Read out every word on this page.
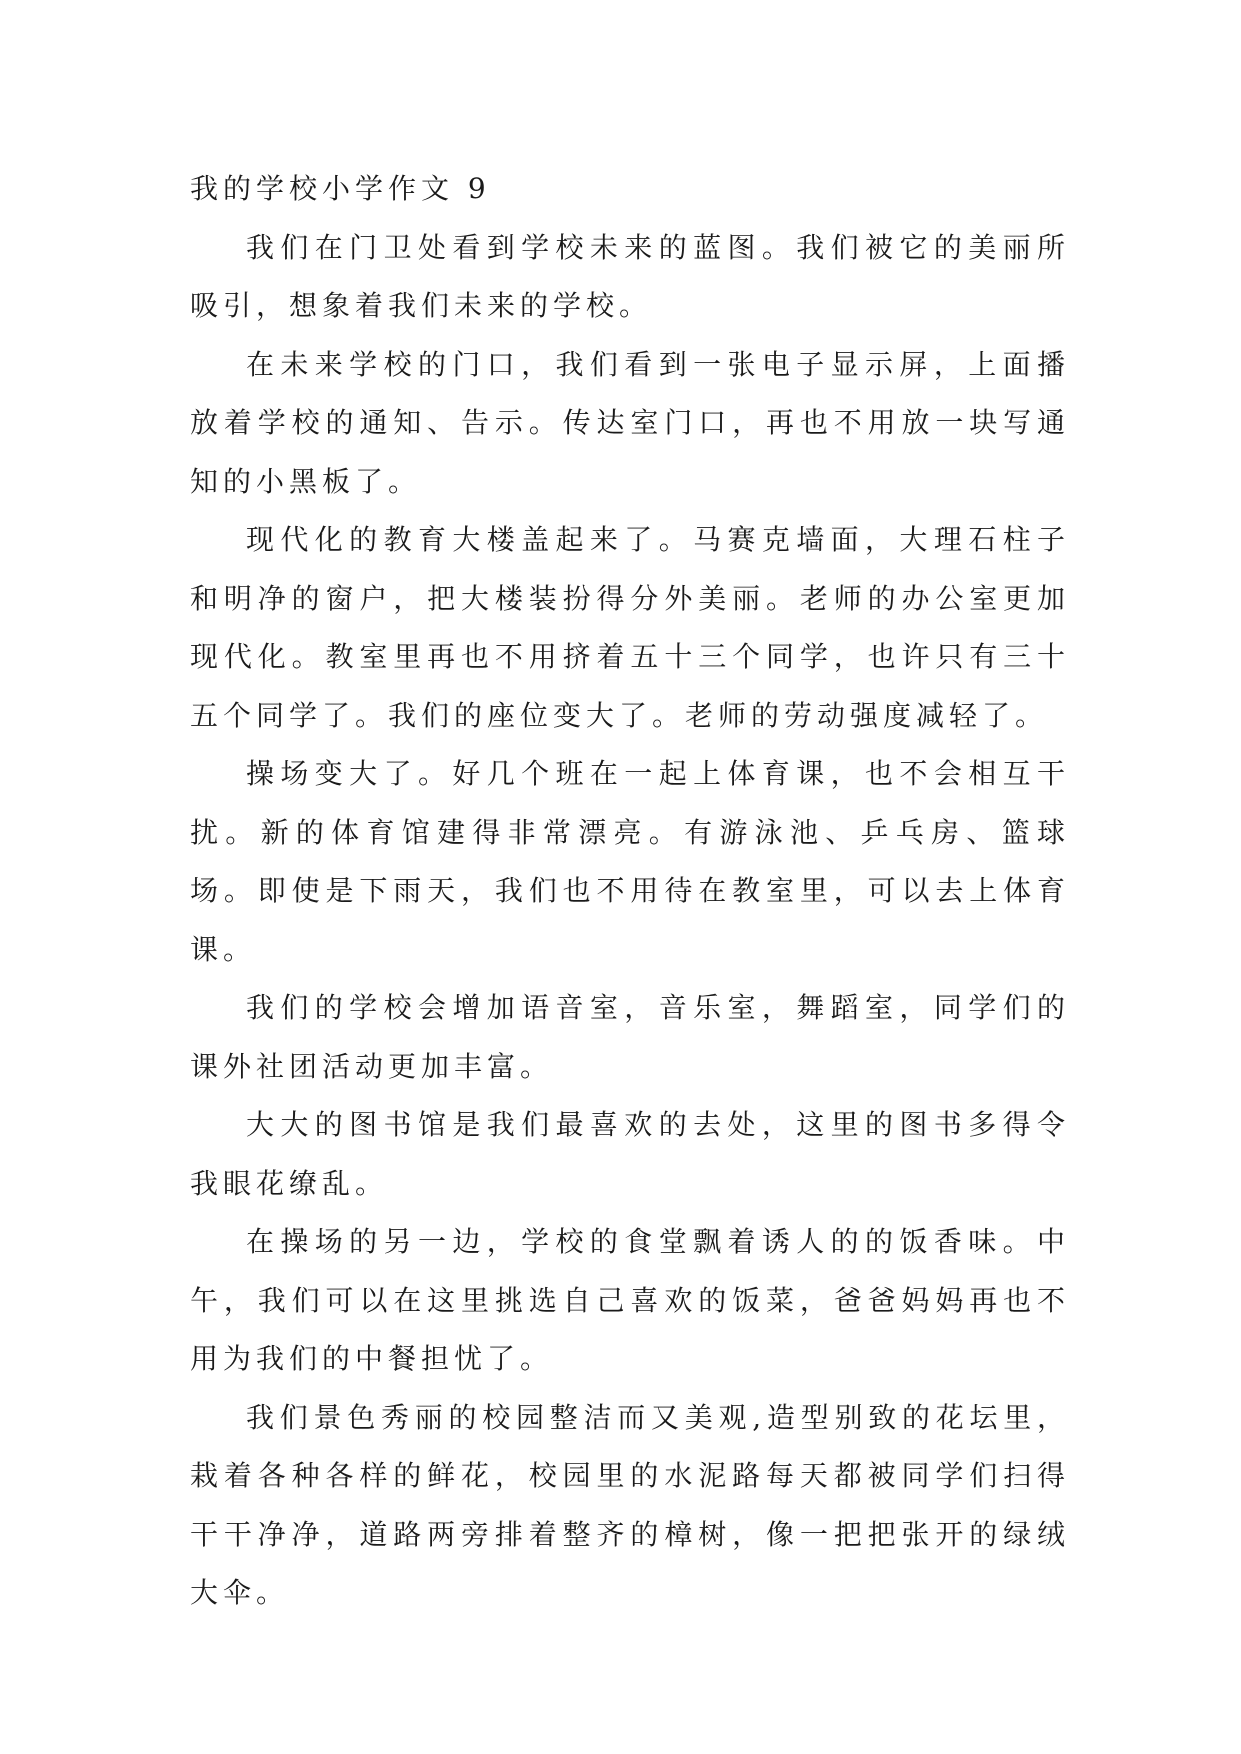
我的学校小学作文 9

我们在门卫处看到学校未来的蓝图。我们被它的美丽所吸引，想象着我们未来的学校。

在未来学校的门口，我们看到一张电子显示屏，上面播放着学校的通知、告示。传达室门口，再也不用放一块写通知的小黑板了。

现代化的教育大楼盖起来了。马赛克墙面，大理石柱子和明净的窗户，把大楼装扮得分外美丽。老师的办公室更加现代化。教室里再也不用挤着五十三个同学，也许只有三十五个同学了。我们的座位变大了。老师的劳动强度减轻了。

操场变大了。好几个班在一起上体育课，也不会相互干扰。新的体育馆建得非常漂亮。有游泳池、乒乓房、篮球场。即使是下雨天，我们也不用待在教室里，可以去上体育课。

我们的学校会增加语音室，音乐室，舞蹈室，同学们的课外社团活动更加丰富。

大大的图书馆是我们最喜欢的去处，这里的图书多得令我眼花缭乱。

在操场的另一边，学校的食堂飘着诱人的的饭香味。中午，我们可以在这里挑选自己喜欢的饭菜，爸爸妈妈再也不用为我们的中餐担忧了。

我们景色秀丽的校园整洁而又美观,造型别致的花坛里，栽着各种各样的鲜花，校园里的水泥路每天都被同学们扫得干干净净，道路两旁排着整齐的樟树，像一把把张开的绿绒大伞。
